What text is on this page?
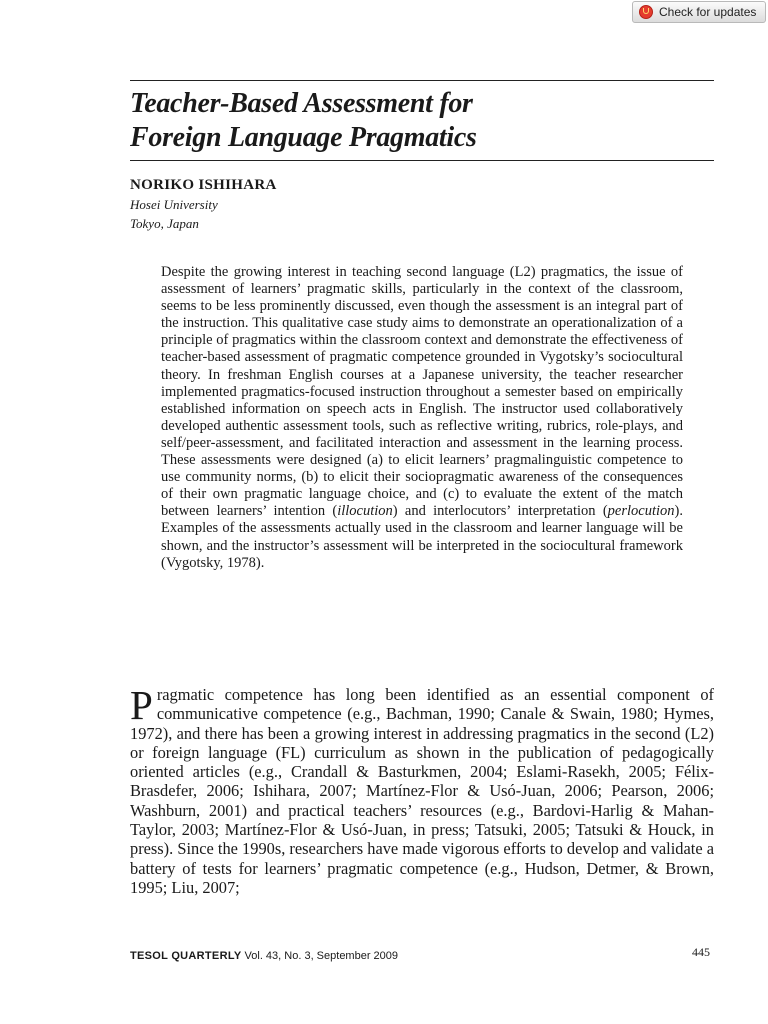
Check for updates
Teacher-Based Assessment for
Foreign Language Pragmatics

NORIKO ISHIHARA

Hosei University

Tokyo, Japan

Despite the growing interest in teaching second language (L2) pragmatics, the issue of assessment of learners’ pragmatic skills, particularly in the context of the classroom, seems to be less prominently discussed, even though the assessment is an integral part of the instruction. This qualitative case study aims to demonstrate an operationalization of a principle of pragmatics within the classroom context and demonstrate the effectiveness of teacher-based assessment of pragmatic competence grounded in Vygotsky’s sociocultural theory. In freshman English courses at a Japanese university, the teacher researcher implemented pragmatics-focused instruction throughout a semester based on empirically established information on speech acts in English. The instructor used collaboratively developed authentic assessment tools, such as reflective writing, rubrics, role-plays, and self/peer-assessment, and facilitated interaction and assessment in the learning process. These assessments were designed (a) to elicit learners’ pragmalinguistic competence to use community norms, (b) to elicit their sociopragmatic awareness of the consequences of their own pragmatic language choice, and (c) to evaluate the extent of the match between learners’ intention (illocution) and interlocutors’ interpretation (perlocution). Examples of the assessments actually used in the classroom and learner language will be shown, and the instructor’s assessment will be interpreted in the sociocultural framework (Vygotsky, 1978).

Pragmatic competence has long been identified as an essential component of communicative competence (e.g., Bachman, 1990; Canale & Swain, 1980; Hymes, 1972), and there has been a growing interest in addressing pragmatics in the second (L2) or foreign language (FL) curriculum as shown in the publication of pedagogically oriented articles (e.g., Crandall & Basturkmen, 2004; Eslami-Rasekh, 2005; Félix-Brasdefer, 2006; Ishihara, 2007; Martínez-Flor & Usó-Juan, 2006; Pearson, 2006; Washburn, 2001) and practical teachers’ resources (e.g., Bardovi-Harlig & Mahan-Taylor, 2003; Martínez-Flor & Usó-Juan, in press; Tatsuki, 2005; Tatsuki & Houck, in press). Since the 1990s, researchers have made vigorous efforts to develop and validate a battery of tests for learners’ pragmatic competence (e.g., Hudson, Detmer, & Brown, 1995; Liu, 2007;

TESOL QUARTERLY Vol. 43, No. 3, September 2009	445
